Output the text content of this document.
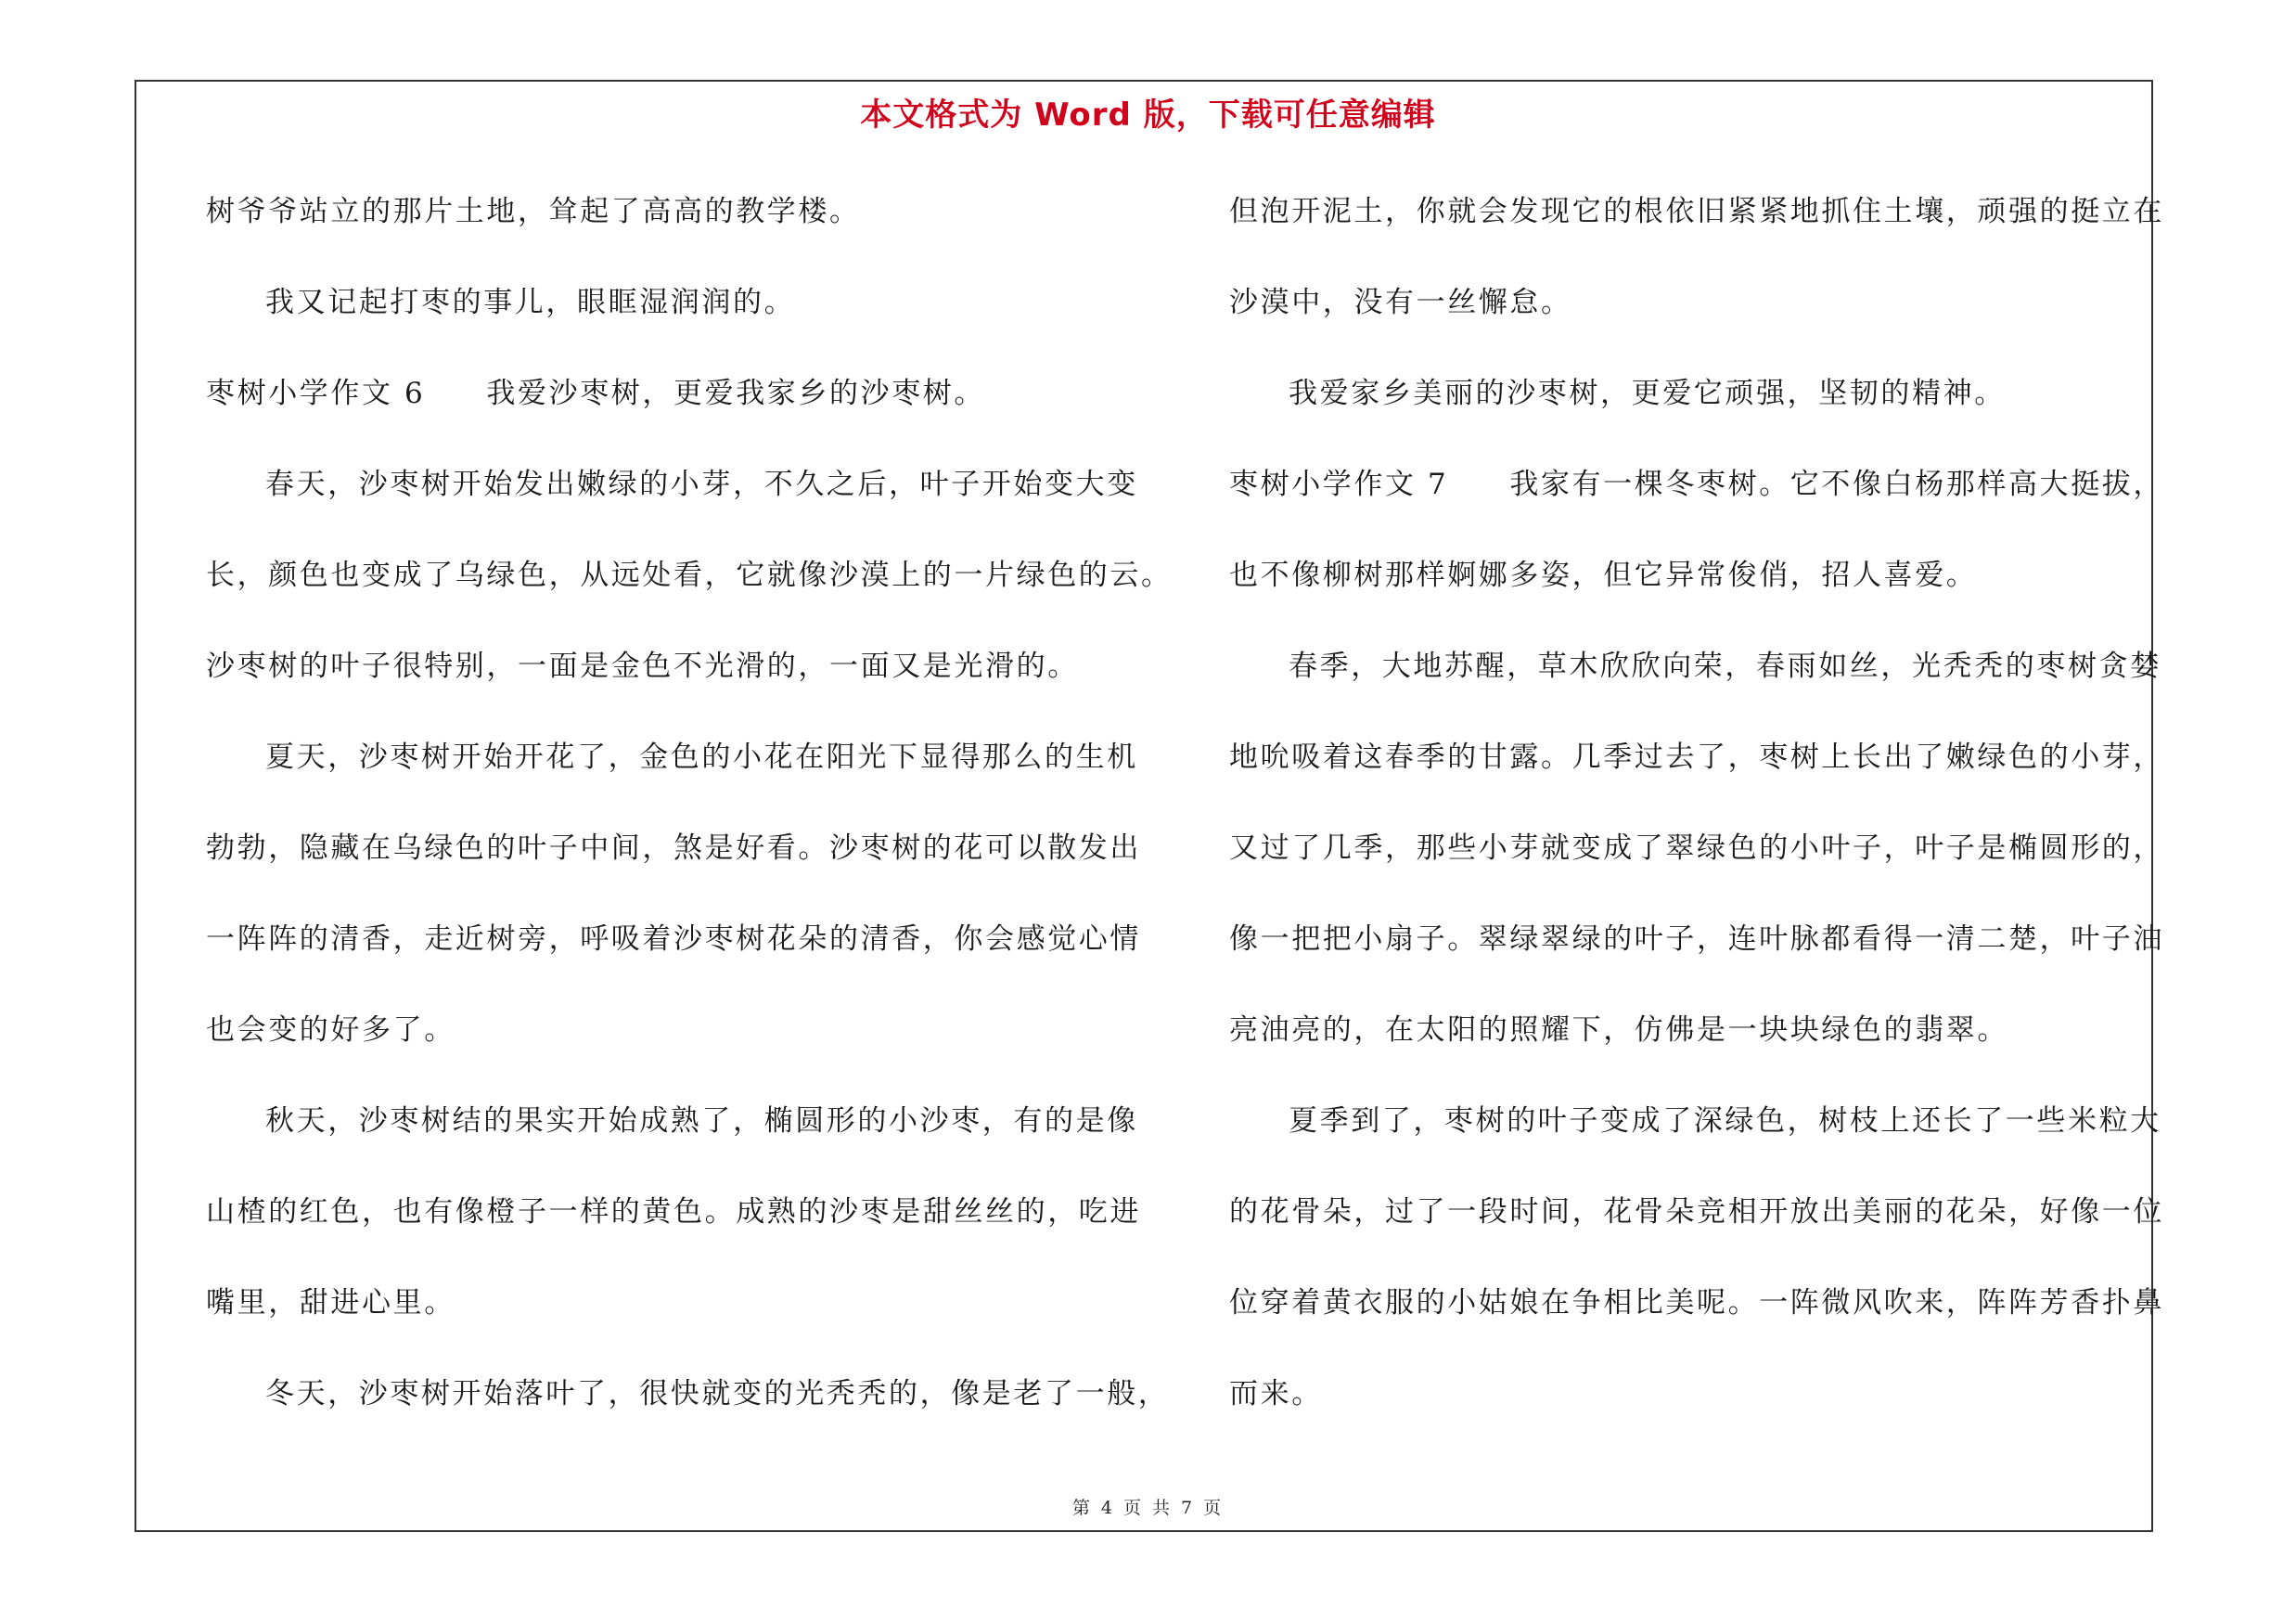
本文格式为 Word 版，下载可任意编辑
树爷爷站立的那片土地，耸起了高高的教学楼。
我又记起打枣的事儿，眼眶湿润润的。
枣树小学作文 6 我爱沙枣树，更爱我家乡的沙枣树。
春天，沙枣树开始发出嫩绿的小芽，不久之后，叶子开始变大变
长，颜色也变成了乌绿色，从远处看，它就像沙漠上的一片绿色的云。
沙枣树的叶子很特别，一面是金色不光滑的，一面又是光滑的。
夏天，沙枣树开始开花了，金色的小花在阳光下显得那么的生机
勃勃，隐藏在乌绿色的叶子中间，煞是好看。沙枣树的花可以散发出
一阵阵的清香，走近树旁，呼吸着沙枣树花朵的清香，你会感觉心情
也会变的好多了。
秋天，沙枣树结的果实开始成熟了，椭圆形的小沙枣，有的是像
山楂的红色，也有像橙子一样的黄色。成熟的沙枣是甜丝丝的，吃进
嘴里，甜进心里。
冬天，沙枣树开始落叶了，很快就变的光秃秃的，像是老了一般，
但泡开泥土，你就会发现它的根依旧紧紧地抓住土壤，顽强的挺立在
沙漠中，没有一丝懈怠。
我爱家乡美丽的沙枣树，更爱它顽强，坚韧的精神。
枣树小学作文 7 我家有一棵冬枣树。它不像白杨那样高大挺拔，
也不像柳树那样婀娜多姿，但它异常俊俏，招人喜爱。
春季，大地苏醒，草木欣欣向荣，春雨如丝，光秃秃的枣树贪婪
地吮吸着这春季的甘露。几季过去了，枣树上长出了嫩绿色的小芽，
又过了几季，那些小芽就变成了翠绿色的小叶子，叶子是椭圆形的，
像一把把小扇子。翠绿翠绿的叶子，连叶脉都看得一清二楚，叶子油
亮油亮的，在太阳的照耀下，仿佛是一块块绿色的翡翠。
夏季到了，枣树的叶子变成了深绿色，树枝上还长了一些米粒大
的花骨朵，过了一段时间，花骨朵竞相开放出美丽的花朵，好像一位
位穿着黄衣服的小姑娘在争相比美呢。一阵微风吹来，阵阵芳香扑鼻
而来。
第 4 页 共 7 页
